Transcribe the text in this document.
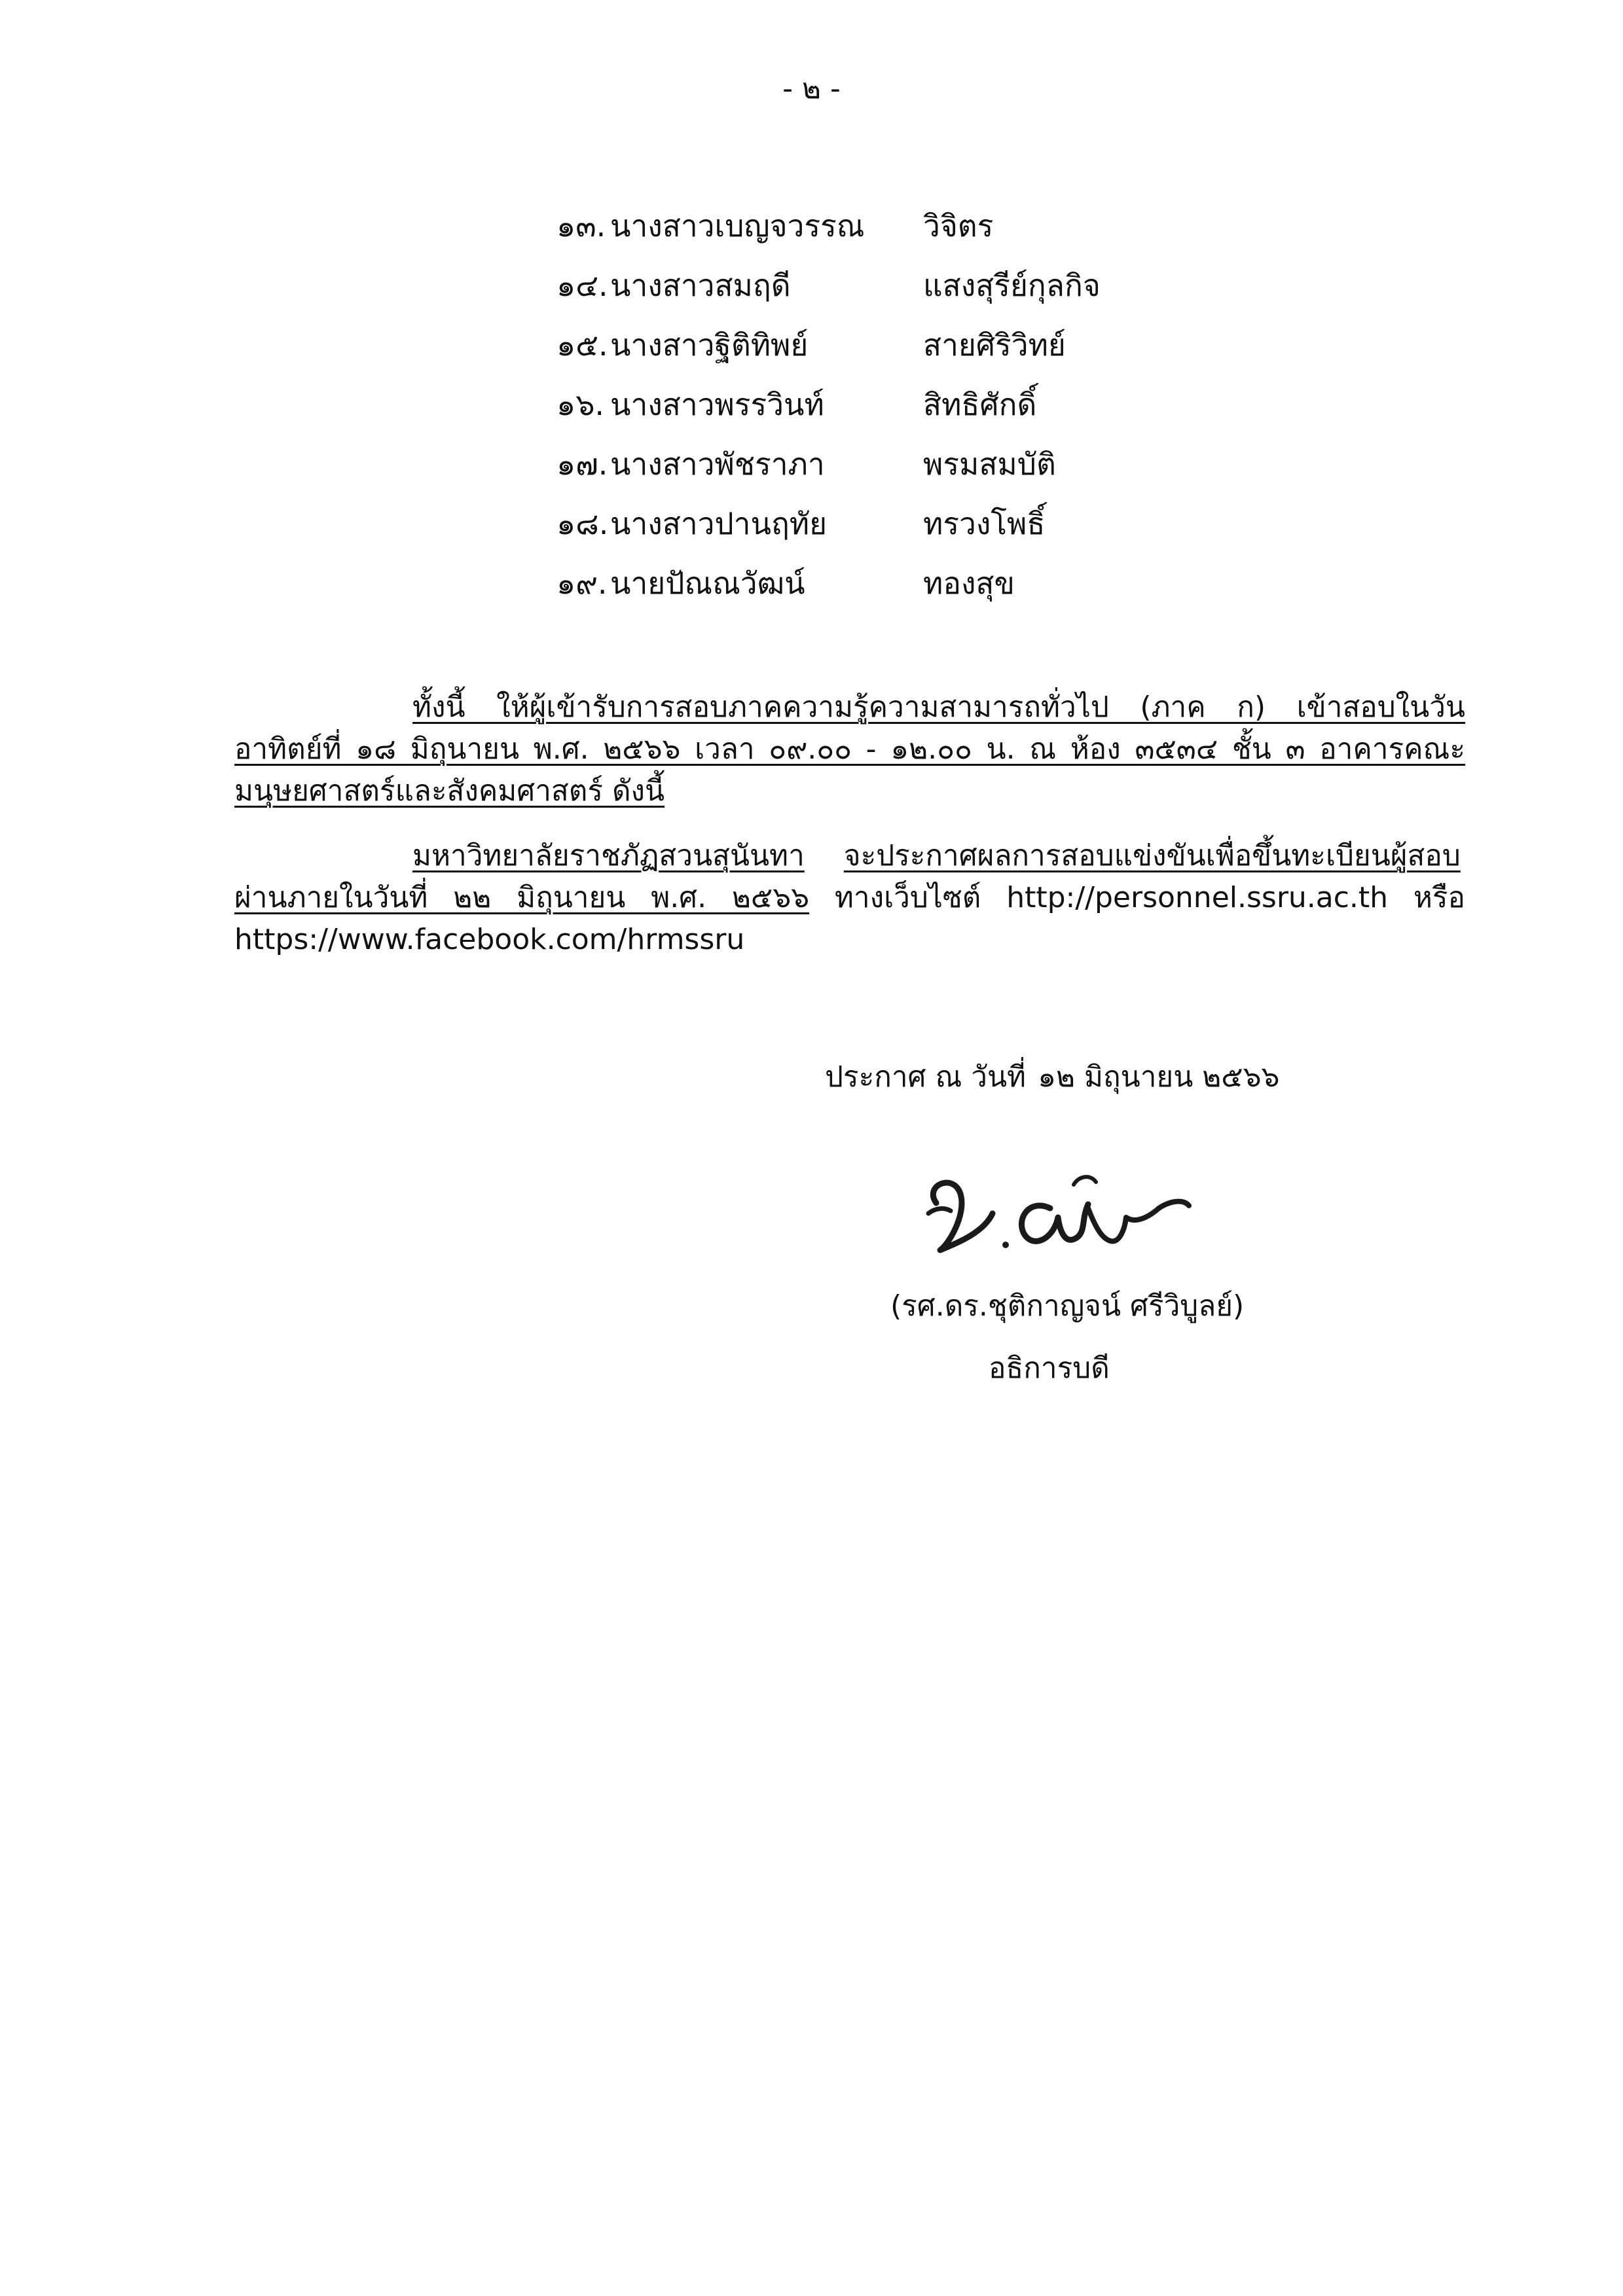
- ๒ -
๑๓. นางสาวเบญจวรรณ	วิจิตร
๑๔. นางสาวสมฤดี	แสงสุรีย์กุลกิจ
๑๕. นางสาวฐิติทิพย์	สายศิริวิทย์
๑๖. นางสาวพรรวินท์	สิทธิศักดิ์
๑๗. นางสาวพัชราภา	พรมสมบัติ
๑๘. นางสาวปานฤทัย	ทรวงโพธิ์
๑๙. นายปัณณวัฒน์	ทองสุข

ทั้งนี้ ให้ผู้เข้ารับการสอบภาคความรู้ความสามารถทั่วไป (ภาค ก) เข้าสอบในวันอาทิตย์ที่ ๑๘ มิถุนายน พ.ศ. ๒๕๖๖ เวลา ๐๙.๐๐ - ๑๒.๐๐ น. ณ ห้อง ๓๕๓๔ ชั้น ๓ อาคารคณะมนุษยศาสตร์และสังคมศาสตร์ ดังนี้

มหาวิทยาลัยราชภัฏสวนสุนันทา จะประกาศผลการสอบแข่งขันเพื่อขึ้นทะเบียนผู้สอบผ่านภายในวันที่ ๒๒ มิถุนายน พ.ศ. ๒๕๖๖ ทางเว็บไซต์ http://personnel.ssru.ac.th หรือ https://www.facebook.com/hrmssru

ประกาศ ณ วันที่ ๑๒ มิถุนายน ๒๕๖๖
(รศ.ดร.ชุติกาญจน์ ศรีวิบูลย์)
อธิการบดี
